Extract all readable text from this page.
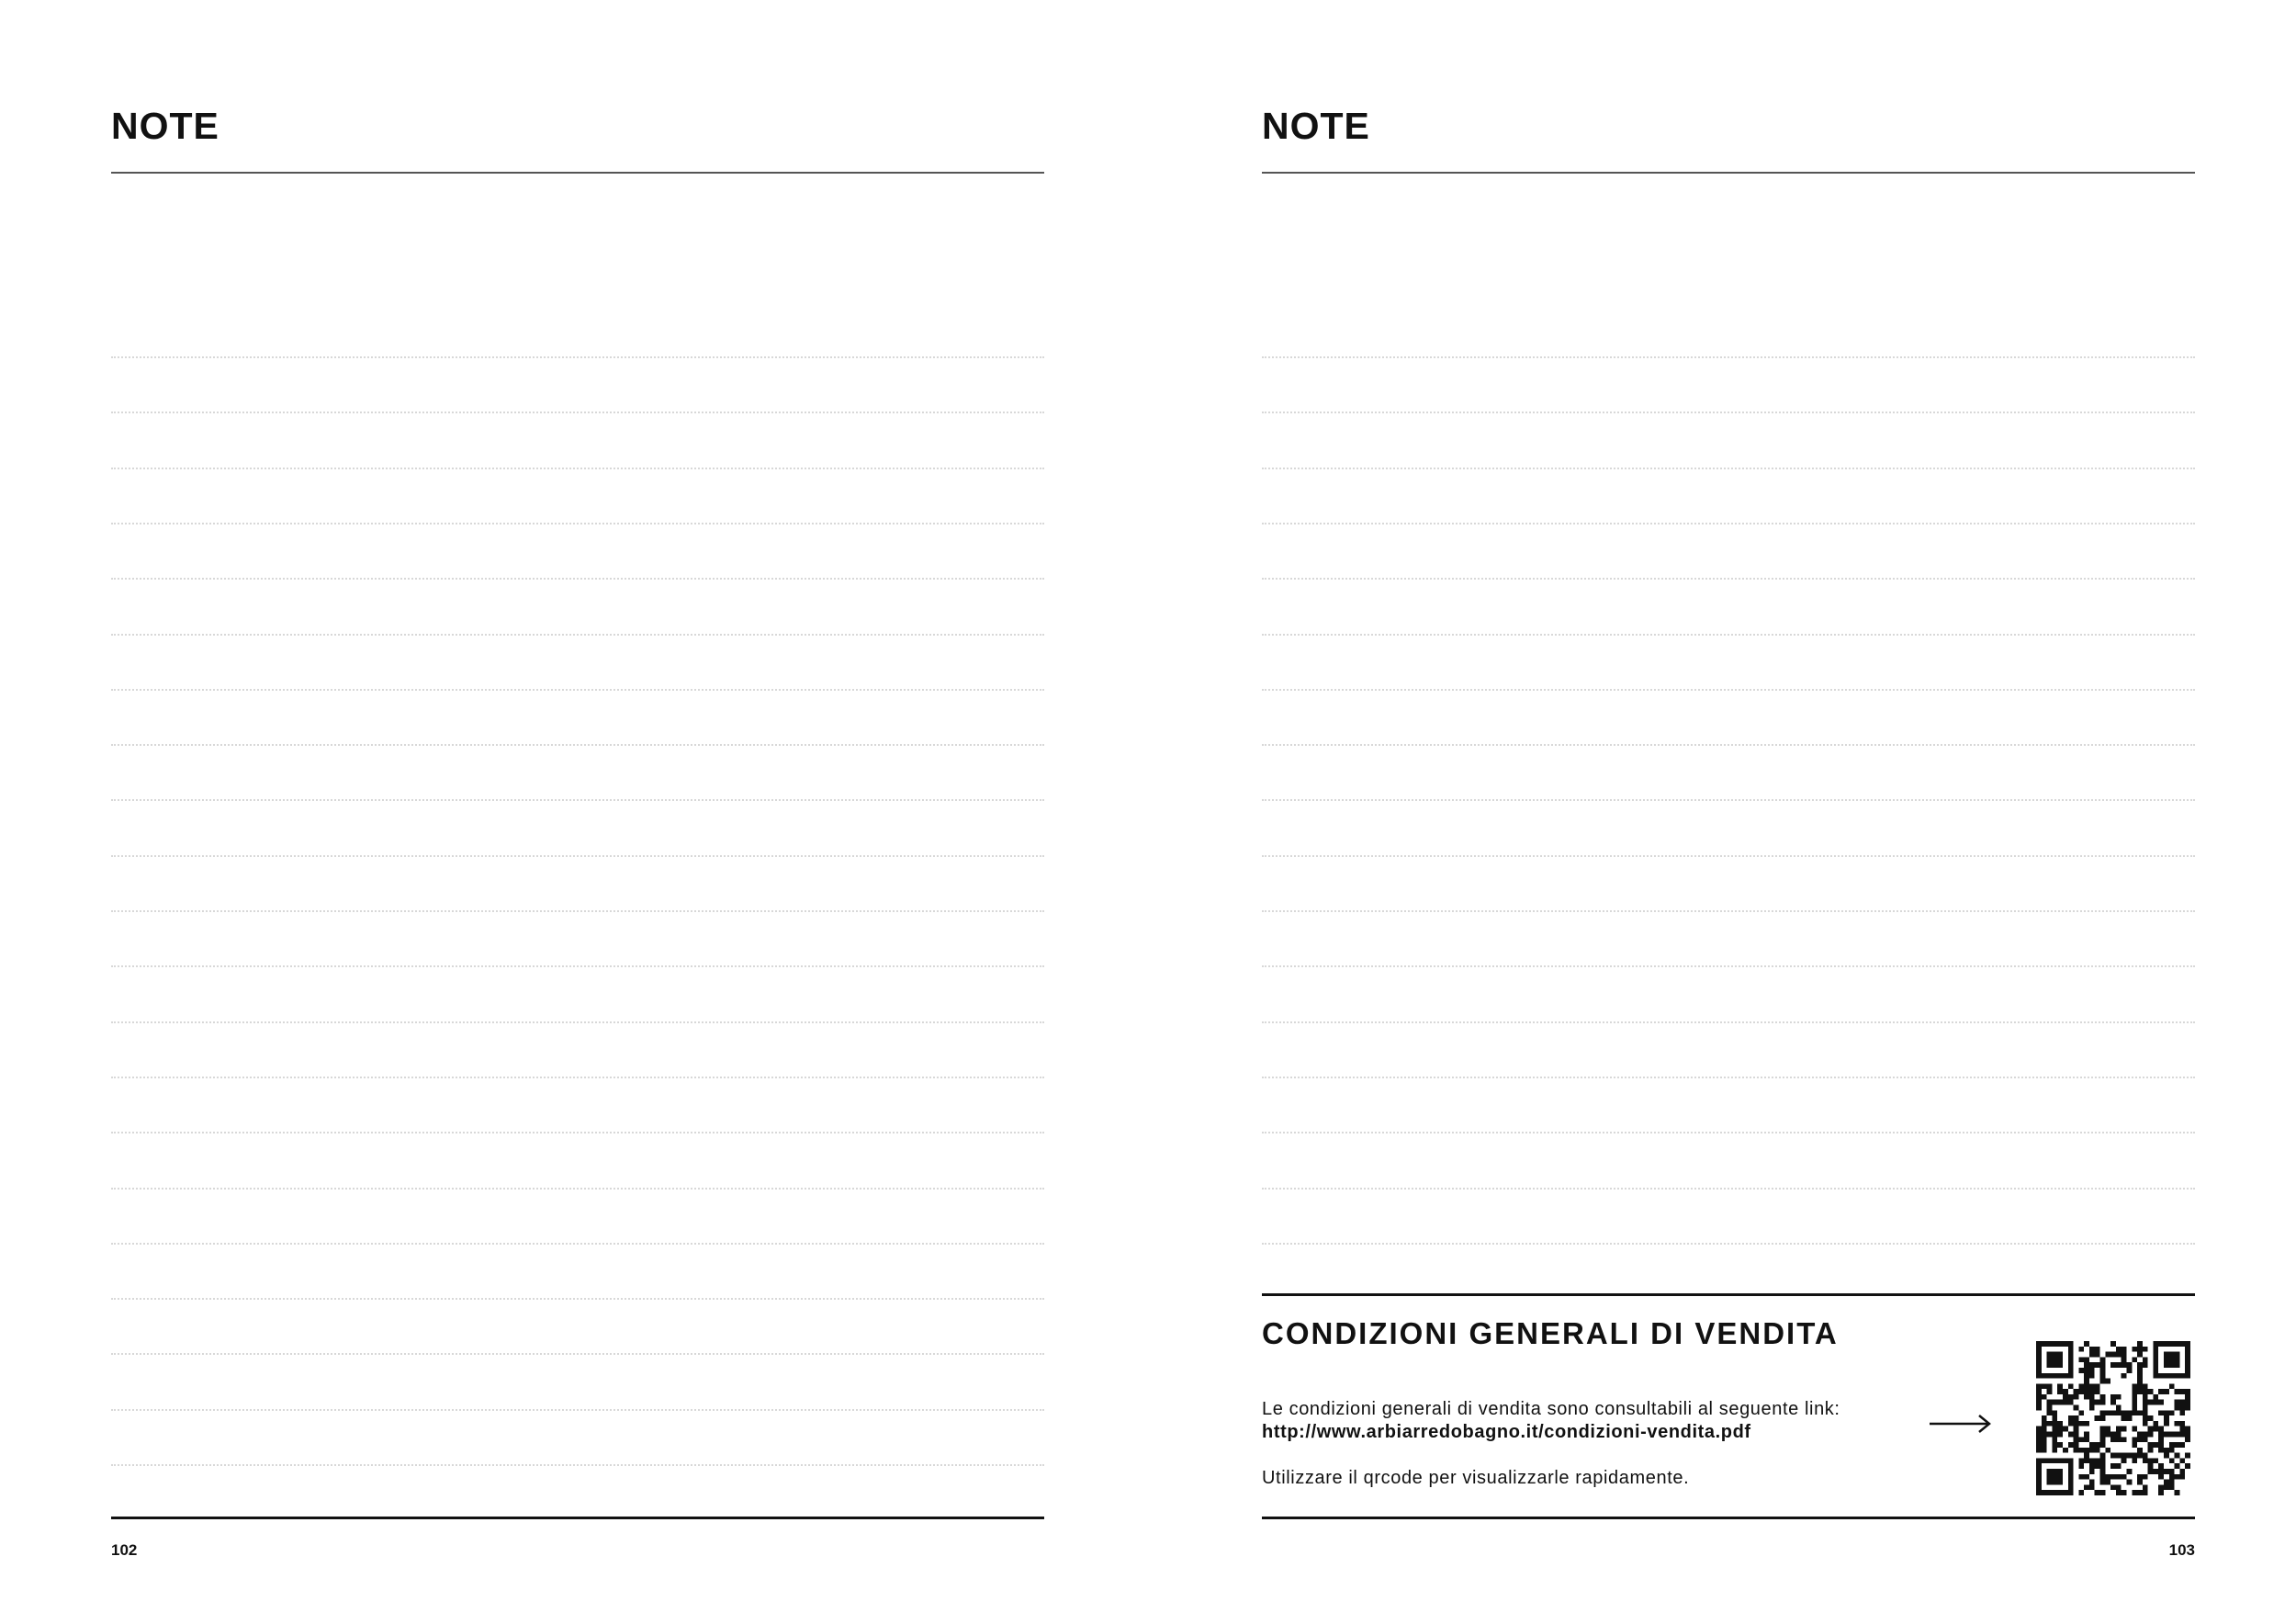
NOTE
102
NOTE
CONDIZIONI GENERALI DI VENDITA
Le condizioni generali di vendita sono consultabili al seguente link:
http://www.arbiarredobagno.it/condizioni-vendita.pdf
Utilizzare il qrcode per visualizzarle rapidamente.
103
